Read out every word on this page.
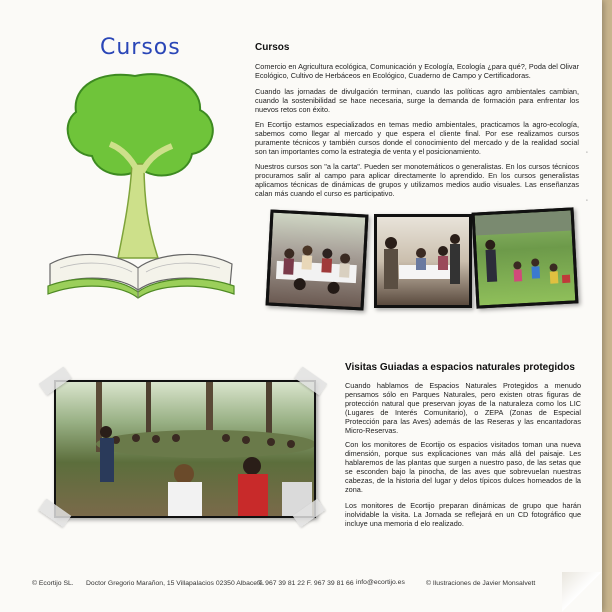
Cursos	Cursos

Comercio en Agricultura ecológica, Comunicación y Ecología, Ecología ¿para qué?, Poda del Olivar Ecológico, Cultivo de Herbáceos en Ecológico, Cuaderno de Campo y Certificadoras.

Cuando las jornadas de divulgación terminan, cuando las políticas agro ambientales cambian, cuando la sostenibilidad se hace necesaria, surge la demanda de formación para enfrentar los nuevos retos con éxito.

En Ecortijo estamos especializados en temas medio ambientales, practicamos la agro-ecología, sabemos como llegar al mercado y que espera el cliente final. Por ese realizamos cursos puramente técnicos y también cursos donde el conocimiento del mercado y de la realidad social son tan importantes como la estrategia de venta y el posicionamiento.

Nuestros cursos son "a la carta". Pueden ser monotemáticos o generalistas. En los cursos técnicos procuramos salir al campo para aplicar directamente lo aprendido. En los cursos generalistas aplicamos técnicas de dinámicas de grupos y utilizamos medios audio visuales. Las enseñanzas calan más cuando el curso es participativo.

◦
◦
Visitas Guiadas a espacios naturales protegidos

Cuando hablamos de Espacios Naturales Protegidos a menudo pensamos sólo en Parques Naturales, pero existen otras figuras de protección natural que preservan joyas de la naturaleza como los LIC (Lugares de Interés Comunitario), o ZEPA (Zonas de Especial Protección para las Aves) además de las Reseras y las encantadoras Micro-Reservas.

Con los monitores de Ecortijo os espacios visitados toman una nueva dimensión, porque sus explicaciones van más allá del paisaje. Les hablaremos de las plantas que surgen a nuestro paso, de las setas que se esconden bajo la pinocha, de las aves que sobrevuelan nuestras cabezas, de la historia del lugar y delos típicos dulces horneados de la zona.

Los monitores de Ecortijo preparan dinámicas de grupo que harán inolvidable la visita. La Jornada se reflejará en un CD fotográfico que incluye una memoria d elo realizado.

© Ecortijo SL. Doctor Gregorio Marañon, 15 Villapalacios 02350 Albacete.
T. 967 39 81 22 F. 967 39 81 66 info@ecortijo.es	© Ilustraciones de Javier Monsalvett
